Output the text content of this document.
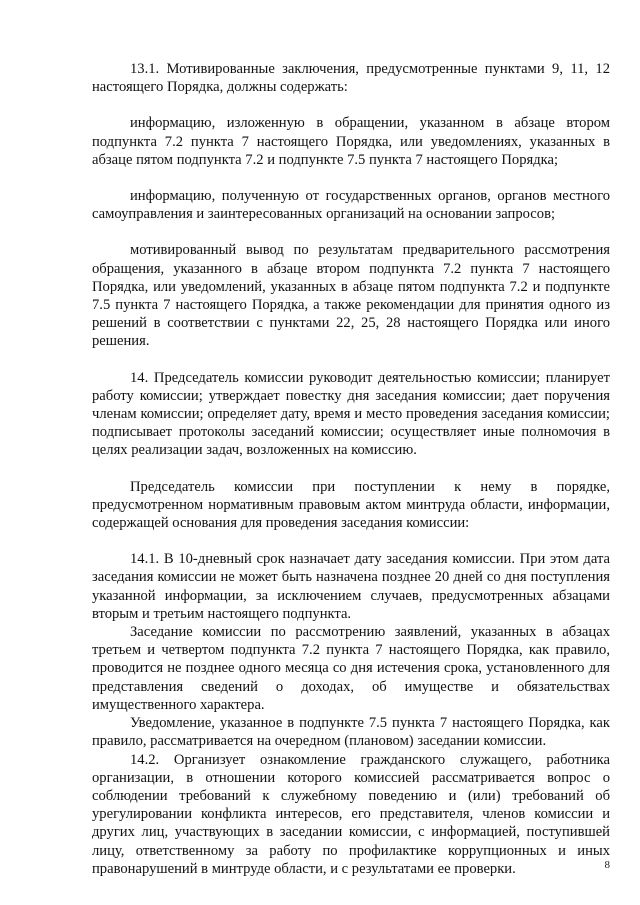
13.1. Мотивированные заключения, предусмотренные пунктами 9, 11, 12 настоящего Порядка, должны содержать:

информацию, изложенную в обращении, указанном в абзаце втором подпункта 7.2 пункта 7 настоящего Порядка, или уведомлениях, указанных в абзаце пятом подпункта 7.2 и подпункте 7.5 пункта 7 настоящего Порядка;

информацию, полученную от государственных органов, органов местного самоуправления и заинтересованных организаций на основании запросов;

мотивированный вывод по результатам предварительного рассмотрения обращения, указанного в абзаце втором подпункта 7.2 пункта 7 настоящего Порядка, или уведомлений, указанных в абзаце пятом подпункта 7.2 и подпункте 7.5 пункта 7 настоящего Порядка, а также рекомендации для принятия одного из решений в соответствии с пунктами 22, 25, 28 настоящего Порядка или иного решения.

14. Председатель комиссии руководит деятельностью комиссии; планирует работу комиссии; утверждает повестку дня заседания комиссии; дает поручения членам комиссии; определяет дату, время и место проведения заседания комиссии; подписывает протоколы заседаний комиссии; осуществляет иные полномочия в целях реализации задач, возложенных на комиссию.

Председатель комиссии при поступлении к нему в порядке, предусмотренном нормативным правовым актом минтруда области, информации, содержащей основания для проведения заседания комиссии:

14.1. В 10-дневный срок назначает дату заседания комиссии. При этом дата заседания комиссии не может быть назначена позднее 20 дней со дня поступления указанной информации, за исключением случаев, предусмотренных абзацами вторым и третьим настоящего подпункта.

Заседание комиссии по рассмотрению заявлений, указанных в абзацах третьем и четвертом подпункта 7.2 пункта 7 настоящего Порядка, как правило, проводится не позднее одного месяца со дня истечения срока, установленного для представления сведений о доходах, об имуществе и обязательствах имущественного характера.

Уведомление, указанное в подпункте 7.5 пункта 7 настоящего Порядка, как правило, рассматривается на очередном (плановом) заседании комиссии.

14.2. Организует ознакомление гражданского служащего, работника организации, в отношении которого комиссией рассматривается вопрос о соблюдении требований к служебному поведению и (или) требований об урегулировании конфликта интересов, его представителя, членов комиссии и других лиц, участвующих в заседании комиссии, с информацией, поступившей лицу, ответственному за работу по профилактике коррупционных и иных правонарушений в минтруде области, и с результатами ее проверки.	8
